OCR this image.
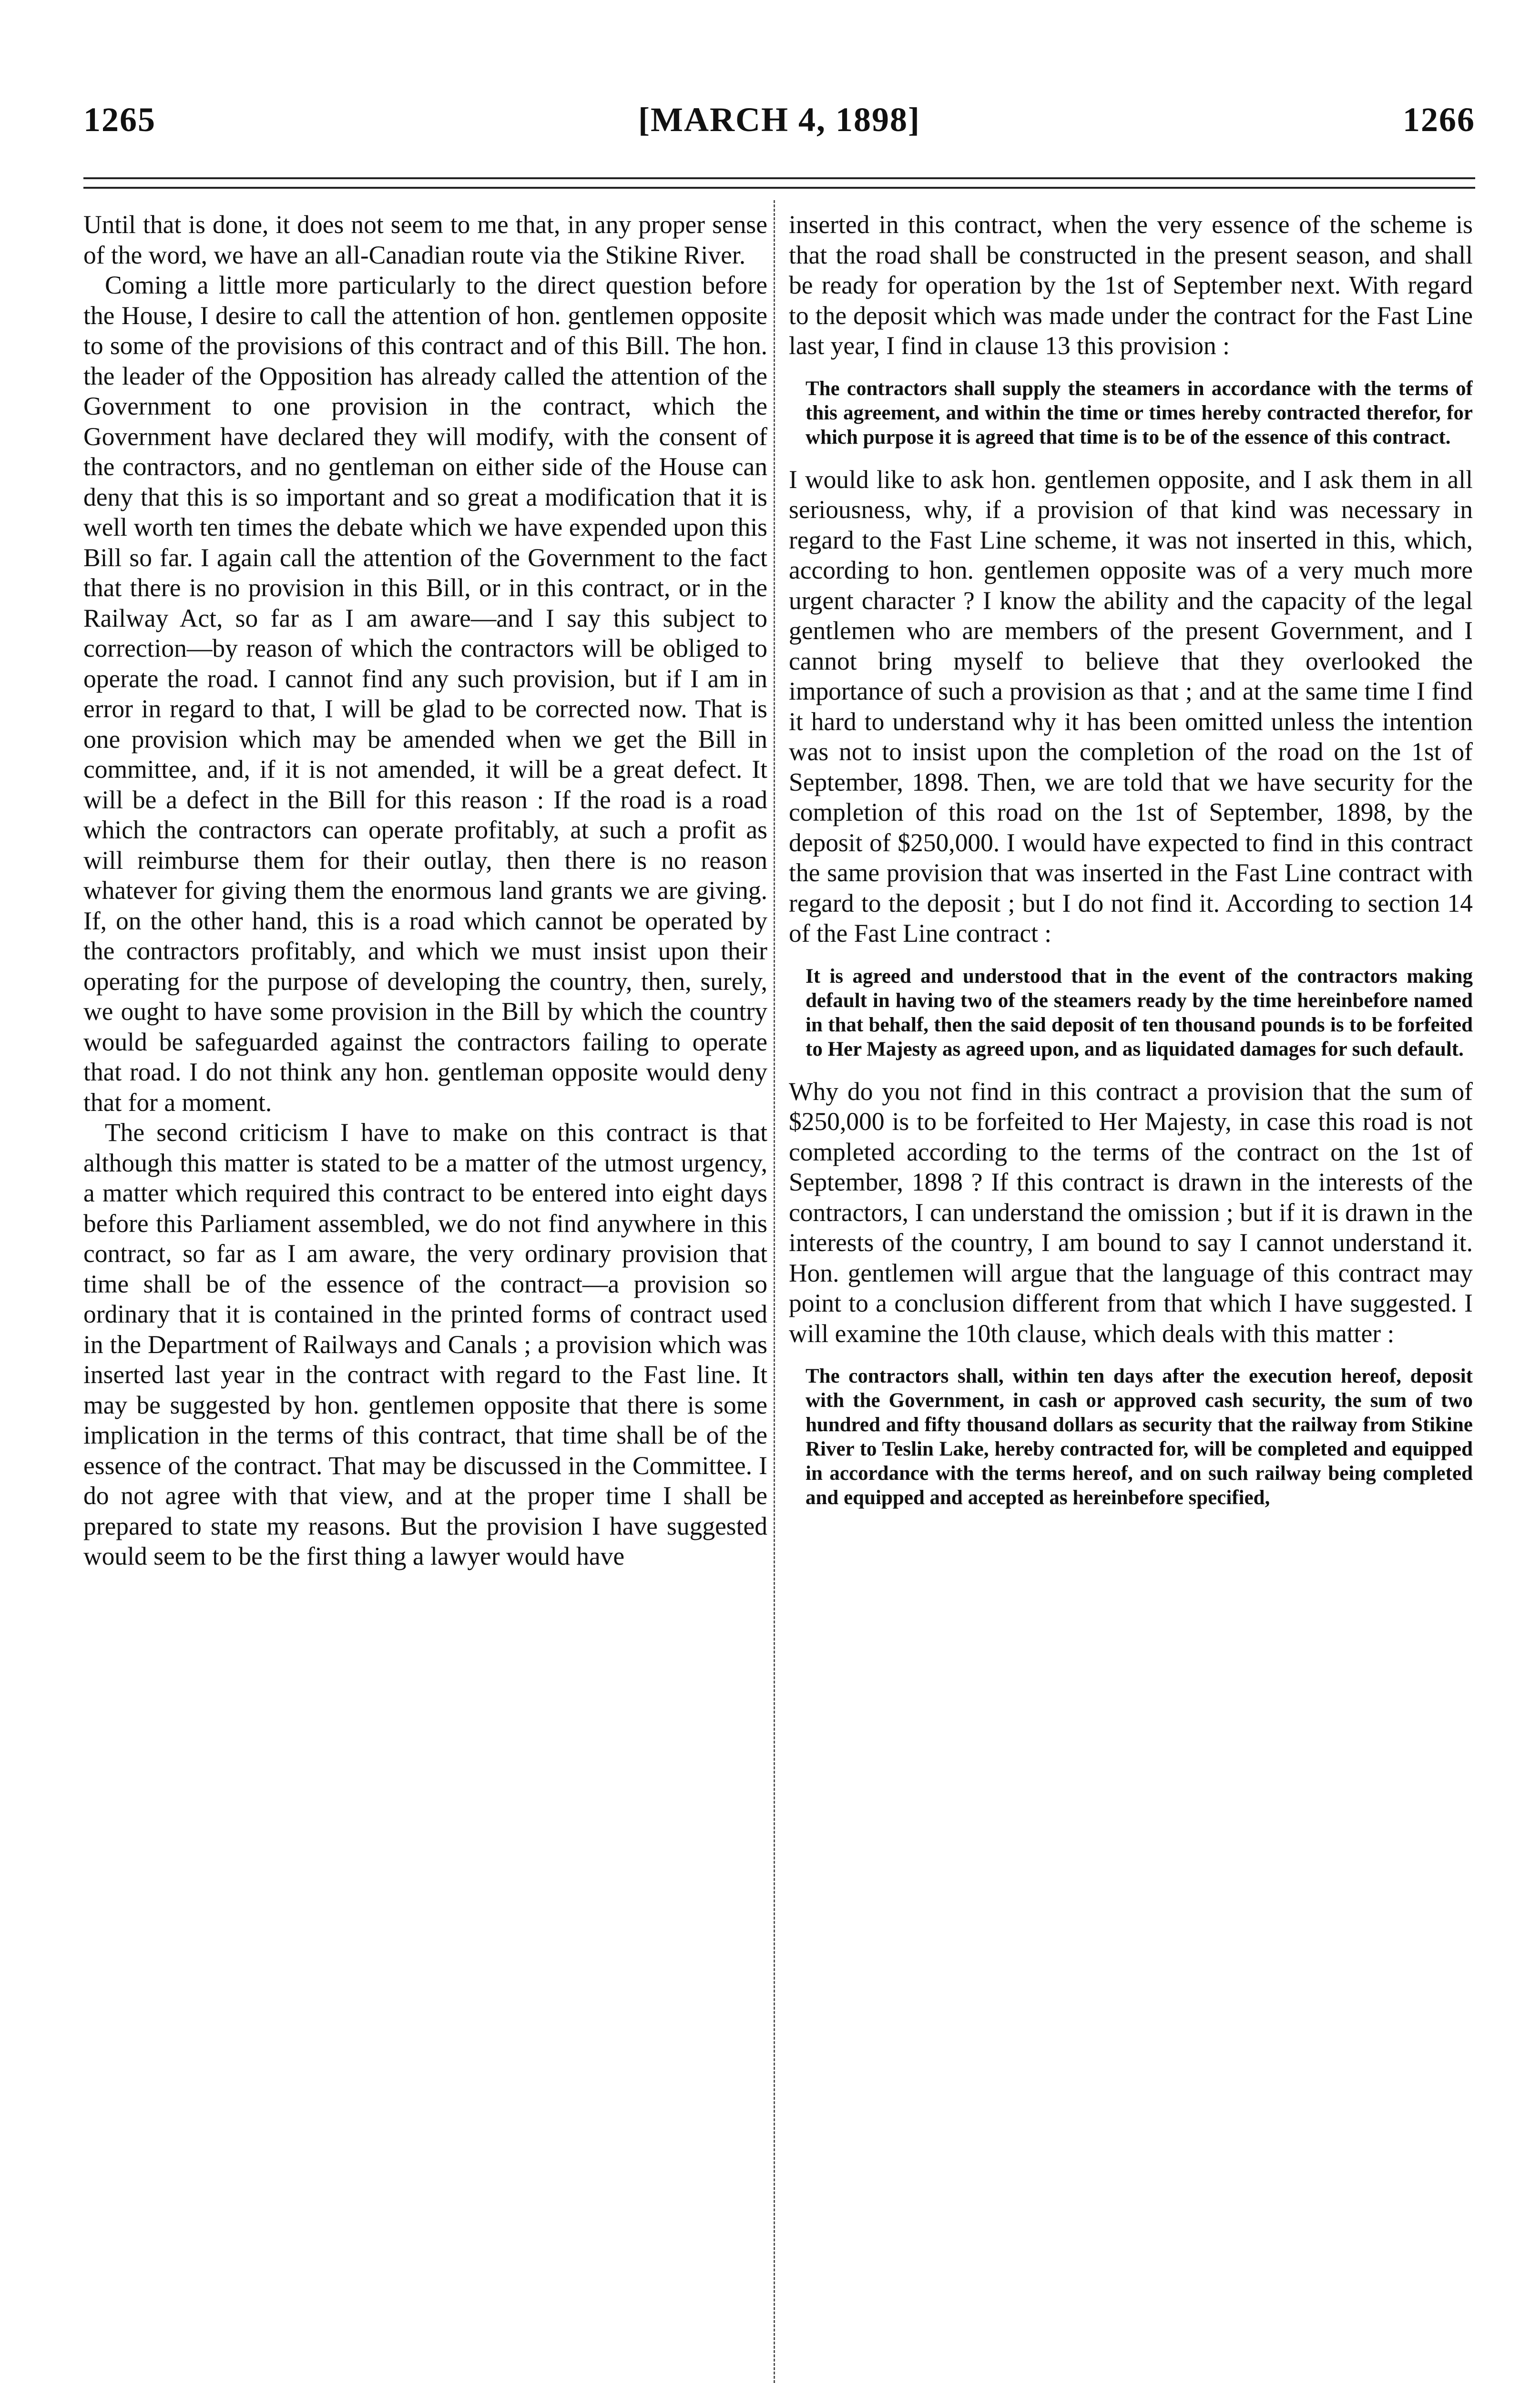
1265	[MARCH 4, 1898]	1266

Until that is done, it does not seem to me that, in any proper sense of the word, we have an all-Canadian route via the Stikine River.

Coming a little more particularly to the direct question before the House, I desire to call the attention of hon. gentlemen opposite to some of the provisions of this contract and of this Bill. The hon. the leader of the Opposition has already called the attention of the Government to one provision in the contract, which the Government have declared they will modify, with the consent of the contractors, and no gentleman on either side of the House can deny that this is so important and so great a modification that it is well worth ten times the debate which we have expended upon this Bill so far. I again call the attention of the Government to the fact that there is no provision in this Bill, or in this contract, or in the Railway Act, so far as I am aware—and I say this subject to correction—by reason of which the contractors will be obliged to operate the road. I cannot find any such provision, but if I am in error in regard to that, I will be glad to be corrected now. That is one provision which may be amended when we get the Bill in committee, and, if it is not amended, it will be a great defect. It will be a defect in the Bill for this reason : If the road is a road which the contractors can operate profitably, at such a profit as will reimburse them for their outlay, then there is no reason whatever for giving them the enormous land grants we are giving. If, on the other hand, this is a road which cannot be operated by the contractors profitably, and which we must insist upon their operating for the purpose of developing the country, then, surely, we ought to have some provision in the Bill by which the country would be safeguarded against the contractors failing to operate that road. I do not think any hon. gentleman opposite would deny that for a moment.

The second criticism I have to make on this contract is that although this matter is stated to be a matter of the utmost urgency, a matter which required this contract to be entered into eight days before this Parliament assembled, we do not find anywhere in this contract, so far as I am aware, the very ordinary provision that time shall be of the essence of the contract—a provision so ordinary that it is contained in the printed forms of contract used in the Department of Railways and Canals ; a provision which was inserted last year in the contract with regard to the Fast line. It may be suggested by hon. gentlemen opposite that there is some implication in the terms of this contract, that time shall be of the essence of the contract. That may be discussed in the Committee. I do not agree with that view, and at the proper time I shall be prepared to state my reasons. But the provision I have suggested would seem to be the first thing a lawyer would have

inserted in this contract, when the very essence of the scheme is that the road shall be constructed in the present season, and shall be ready for operation by the 1st of September next. With regard to the deposit which was made under the contract for the Fast Line last year, I find in clause 13 this provision :

The contractors shall supply the steamers in accordance with the terms of this agreement, and within the time or times hereby contracted therefor, for which purpose it is agreed that time is to be of the essence of this contract.

I would like to ask hon. gentlemen opposite, and I ask them in all seriousness, why, if a provision of that kind was necessary in regard to the Fast Line scheme, it was not inserted in this, which, according to hon. gentlemen opposite was of a very much more urgent character ? I know the ability and the capacity of the legal gentlemen who are members of the present Government, and I cannot bring myself to believe that they overlooked the importance of such a provision as that ; and at the same time I find it hard to understand why it has been omitted unless the intention was not to insist upon the completion of the road on the 1st of September, 1898. Then, we are told that we have security for the completion of this road on the 1st of September, 1898, by the deposit of $250,000. I would have expected to find in this contract the same provision that was inserted in the Fast Line contract with regard to the deposit ; but I do not find it. According to section 14 of the Fast Line contract :

It is agreed and understood that in the event of the contractors making default in having two of the steamers ready by the time hereinbefore named in that behalf, then the said deposit of ten thousand pounds is to be forfeited to Her Majesty as agreed upon, and as liquidated damages for such default.

Why do you not find in this contract a provision that the sum of $250,000 is to be forfeited to Her Majesty, in case this road is not completed according to the terms of the contract on the 1st of September, 1898 ? If this contract is drawn in the interests of the contractors, I can understand the omission ; but if it is drawn in the interests of the country, I am bound to say I cannot understand it. Hon. gentlemen will argue that the language of this contract may point to a conclusion different from that which I have suggested. I will examine the 10th clause, which deals with this matter :

The contractors shall, within ten days after the execution hereof, deposit with the Government, in cash or approved cash security, the sum of two hundred and fifty thousand dollars as security that the railway from Stikine River to Teslin Lake, hereby contracted for, will be completed and equipped in accordance with the terms hereof, and on such railway being completed and equipped and accepted as hereinbefore specified,
